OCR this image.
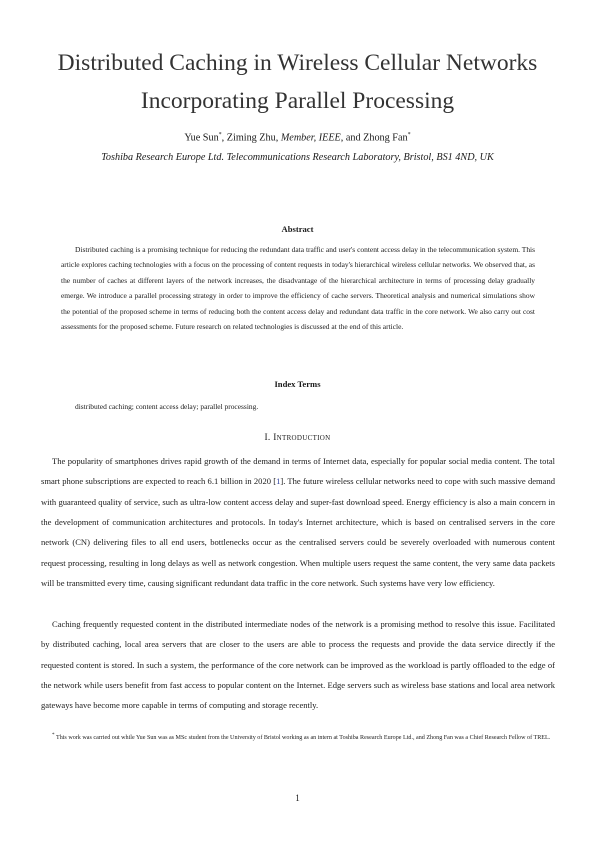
Distributed Caching in Wireless Cellular Networks
Incorporating Parallel Processing
Yue Sun*, Ziming Zhu, Member, IEEE, and Zhong Fan*
Toshiba Research Europe Ltd. Telecommunications Research Laboratory, Bristol, BS1 4ND, UK
Abstract

Distributed caching is a promising technique for reducing the redundant data traffic and user's content access delay in the telecommunication system. This article explores caching technologies with a focus on the processing of content requests in today's hierarchical wireless cellular networks. We observed that, as the number of caches at different layers of the network increases, the disadvantage of the hierarchical architecture in terms of processing delay gradually emerge. We introduce a parallel processing strategy in order to improve the efficiency of cache servers. Theoretical analysis and numerical simulations show the potential of the proposed scheme in terms of reducing both the content access delay and redundant data traffic in the core network. We also carry out cost assessments for the proposed scheme. Future research on related technologies is discussed at the end of this article.

Index Terms

distributed caching; content access delay; parallel processing.

I. Introduction

The popularity of smartphones drives rapid growth of the demand in terms of Internet data, especially for popular social media content. The total smart phone subscriptions are expected to reach 6.1 billion in 2020 [1]. The future wireless cellular networks need to cope with such massive demand with guaranteed quality of service, such as ultra-low content access delay and super-fast download speed. Energy efficiency is also a main concern in the development of communication architectures and protocols. In today's Internet architecture, which is based on centralised servers in the core network (CN) delivering files to all end users, bottlenecks occur as the centralised servers could be severely overloaded with numerous content request processing, resulting in long delays as well as network congestion. When multiple users request the same content, the very same data packets will be transmitted every time, causing significant redundant data traffic in the core network. Such systems have very low efficiency.

Caching frequently requested content in the distributed intermediate nodes of the network is a promising method to resolve this issue. Facilitated by distributed caching, local area servers that are closer to the users are able to process the requests and provide the data service directly if the requested content is stored. In such a system, the performance of the core network can be improved as the workload is partly offloaded to the edge of the network while users benefit from fast access to popular content on the Internet. Edge servers such as wireless base stations and local area network gateways have become more capable in terms of computing and storage recently.

* This work was carried out while Yue Sun was as MSc student from the University of Bristol working as an intern at Toshiba Research Europe Ltd., and Zhong Fan was a Chief Research Fellow of TREL.

1
